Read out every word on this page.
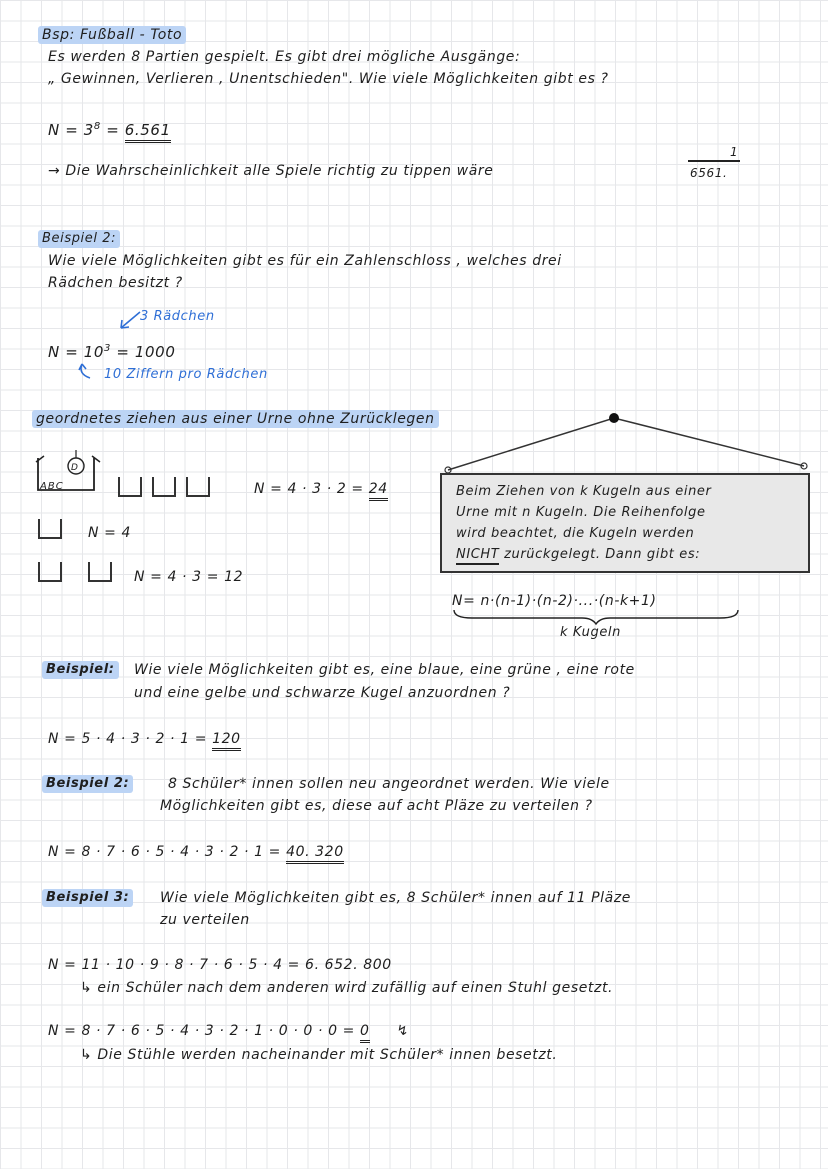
Bsp: Fußball - Toto
Es werden 8 Partien gespielt. Es gibt drei mögliche Ausgänge:
„ Gewinnen, Verlieren , Unentschieden". Wie viele Möglichkeiten gibt es ?
$N = 3^8 = 6.561$
→ Die Wahrscheinlichkeit alle Spiele richtig zu tippen wäre
1
6561.
Beispiel 2:
Wie viele Möglichkeiten gibt es für ein Zahlenschloss , welches drei
Rädchen besitzt ?
3 Rädchen
$N = 10^3 = 1000$
10 Ziffern pro Rädchen
geordnetes ziehen aus einer Urne ohne Zurücklegen
D
ABC	N = 4 · 3 · 2 = 24
N = 4
N = 4 · 3 = 12
Beim Ziehen von k Kugeln aus einer
Urne mit n Kugeln. Die Reihenfolge
wird beachtet, die Kugeln werden
NICHT zurückgelegt. Dann gibt es:
N= n·(n-1)·(n-2)·...·(n-k+1)
k Kugeln
Beispiel: Wie viele Möglichkeiten gibt es, eine blaue, eine grüne , eine rote
und eine gelbe und schwarze Kugel anzuordnen ?
N = 5 · 4 · 3 · 2 · 1 = 120
Beispiel 2:	8 Schüler* innen sollen neu angeordnet werden. Wie viele
Möglichkeiten gibt es, diese auf acht Pläze zu verteilen ?
N = 8 · 7 · 6 · 5 · 4 · 3 · 2 · 1 = 40. 320
Beispiel 3: Wie viele Möglichkeiten gibt es, 8 Schüler* innen auf 11 Pläze
zu verteilen
N = 11 · 10 · 9 · 8 · 7 · 6 · 5 · 4 = 6. 652. 800
↳ ein Schüler nach dem anderen wird zufällig auf einen Stuhl gesetzt.
N = 8 · 7 · 6 · 5 · 4 · 3 · 2 · 1 · 0 · 0 · 0 = 0 ↯
↳ Die Stühle werden nacheinander mit Schüler* innen besetzt.
